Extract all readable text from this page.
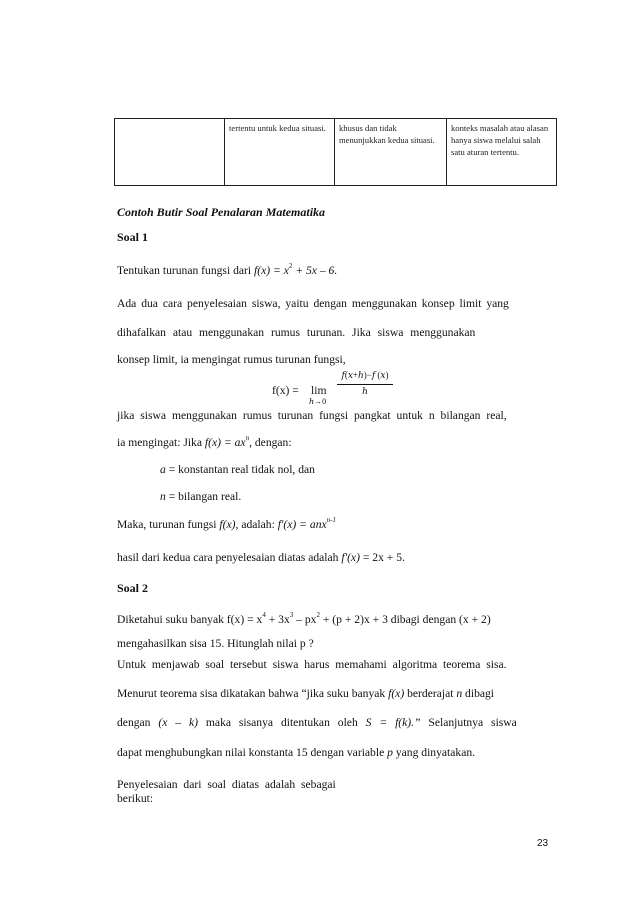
	tertentu untuk kedua situasi.	khusus dan tidak menunjukkan kedua situasi.	konteks masalah atau alasan hanya siswa melalui salah satu aturan tertentu.
Contoh Butir Soal Penalaran Matematika
Soal 1
Tentukan turunan fungsi dari $f(x) = x^2 + 5x - 6$.
Ada dua cara penyelesaian siswa, yaitu dengan menggunakan konsep limit yang
dihafalkan atau menggunakan rumus turunan. Jika siswa menggunakan
konsep limit, ia mengingat rumus turunan fungsi,
f(x) = lim
ℎ→0
𝑓(𝑥+ℎ)−𝑓 (𝑥)
ℎ
jika siswa menggunakan rumus turunan fungsi pangkat untuk n bilangan real,
ia mengingat: Jika $f(x) = ax^n$, dengan:
a = konstantan real tidak nol, dan
n = bilangan real.
Maka, turunan fungsi f(x), adalah: f'(x) = anx$^{n-1}$
hasil dari kedua cara penyelesaian diatas adalah f'(x) = 2x + 5.
Soal 2
Diketahui suku banyak $f(x) = x^4 + 3x^3 - px^2 + (p + 2)x + 3$ dibagi dengan (x + 2)
mengahasilkan sisa 15. Hitunglah nilai p ?
Untuk menjawab soal tersebut siswa harus memahami algoritma teorema sisa.
Menurut teorema sisa dikatakan bahwa “jika suku banyak f(x) berderajat n dibagi
dengan (x – k) maka sisanya ditentukan oleh S = f(k).” Selanjutnya siswa
dapat menghubungkan nilai konstanta 15 dengan variable p yang dinyatakan.
Penyelesaian dari soal diatas adalah sebagai
berikut:
23
